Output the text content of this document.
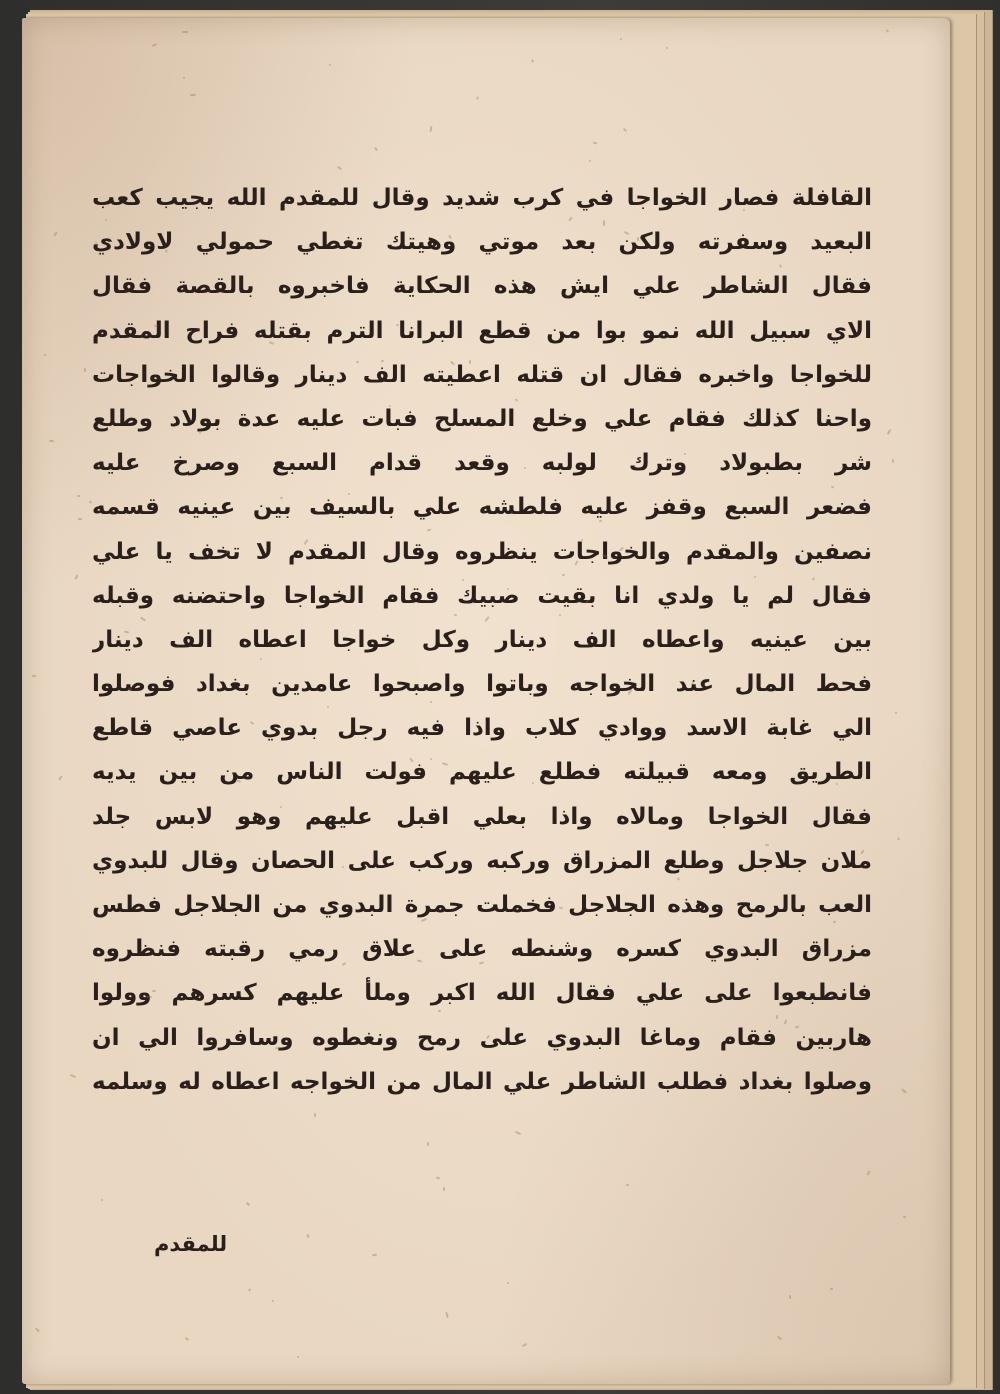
القافلة فصار الخواجا في كرب شديد وقال للمقدم الله يجيب كعب
البعيد وسفرته ولكن بعد موتي وهيتك تغطي حمولي لاولادي
فقال الشاطر علي ايش هذه الحكاية فاخبروه بالقصة فقال
الاي سبيل الله نمو بوا من قطع البرانا الترم بقتله فراح المقدم
للخواجا واخبره فقال ان قتله اعطيته الف دينار وقالوا الخواجات
واحنا كذلك فقام علي وخلع المسلح فبات عليه عدة بولاد وطلع
شر بطبولاد وترك لولبه وقعد قدام السبع وصرخ عليه
فضعر السبع وقفز عليه فلطشه علي بالسيف بين عينيه قسمه
نصفين والمقدم والخواجات ينظروه وقال المقدم لا تخف يا علي
فقال لم يا ولدي انا بقيت صبيك فقام الخواجا واحتضنه وقبله
بين عينيه واعطاه الف دينار وكل خواجا اعطاه الف دينار
فحط المال عند الخواجه وباتوا واصبحوا عامدين بغداد فوصلوا
الي غابة الاسد ووادي كلاب واذا فيه رجل بدوي عاصي قاطع
الطريق ومعه قبيلته فطلع عليهم فولت الناس من بين يديه
فقال الخواجا ومالاه واذا بعلي اقبل عليهم وهو لابس جلد
ملان جلاجل وطلع المزراق وركبه وركب على الحصان وقال للبدوي
العب بالرمح وهذه الجلاجل فخملت جمرة البدوي من الجلاجل فطس
مزراق البدوي كسره وشنطه على علاق رمي رقبته فنظروه
فانطبعوا على علي فقال الله اكبر وملأ عليهم كسرهم وولوا
هاربين فقام وماغا البدوي على رمح ونغطوه وسافروا الي ان
وصلوا بغداد فطلب الشاطر علي المال من الخواجه اعطاه له وسلمه
للمقدم
